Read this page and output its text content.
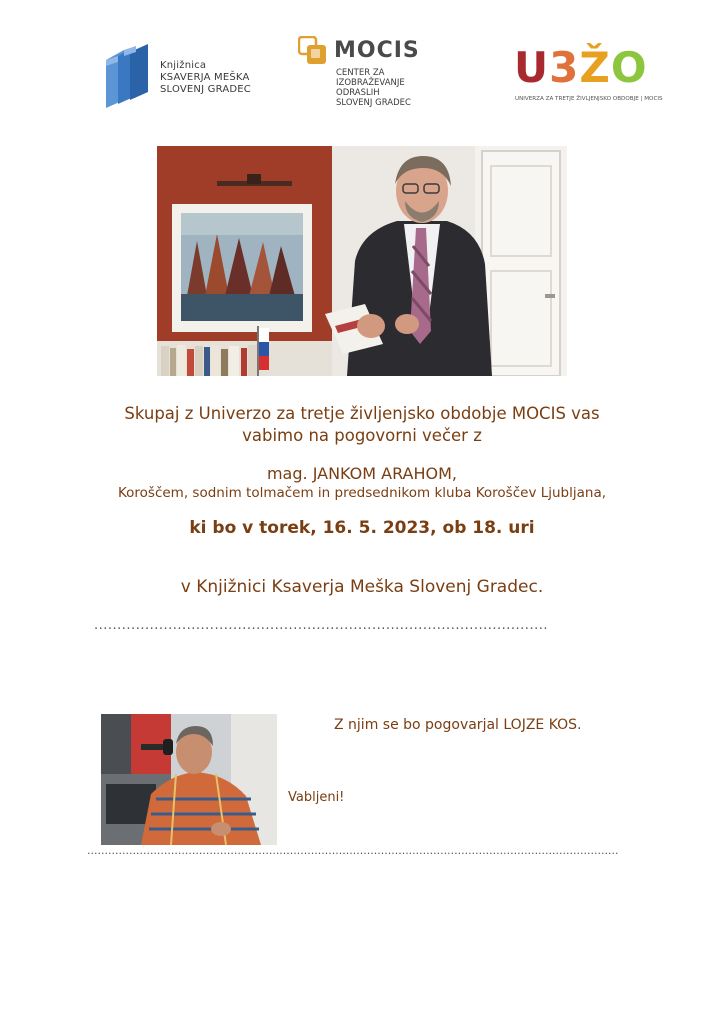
Knjižnica
KSAVERJA MEŠKA
SLOVENJ GRADEC
MOCIS
CENTER ZA
IZOBRAŽEVANJE
ODRASLIH
SLOVENJ GRADEC
U3ŽO
UNIVERZA ZA TRETJE ŽIVLJENJSKO OBDOBJE | MOCIS
Skupaj z Univerzo za tretje življenjsko obdobje MOCIS vas
vabimo na pogovorni večer z
mag. JANKOM ARAHOM,
Koroščem, sodnim tolmačem in predsednikom kluba Koroščev Ljubljana,
ki bo v torek, 16. 5. 2023, ob 18. uri
v Knjižnici Ksaverja Meška Slovenj Gradec.
..................................................................................................
Z njim se bo pogovarjal LOJZE KOS.
Vabljeni!
........................................................................................................................................................
